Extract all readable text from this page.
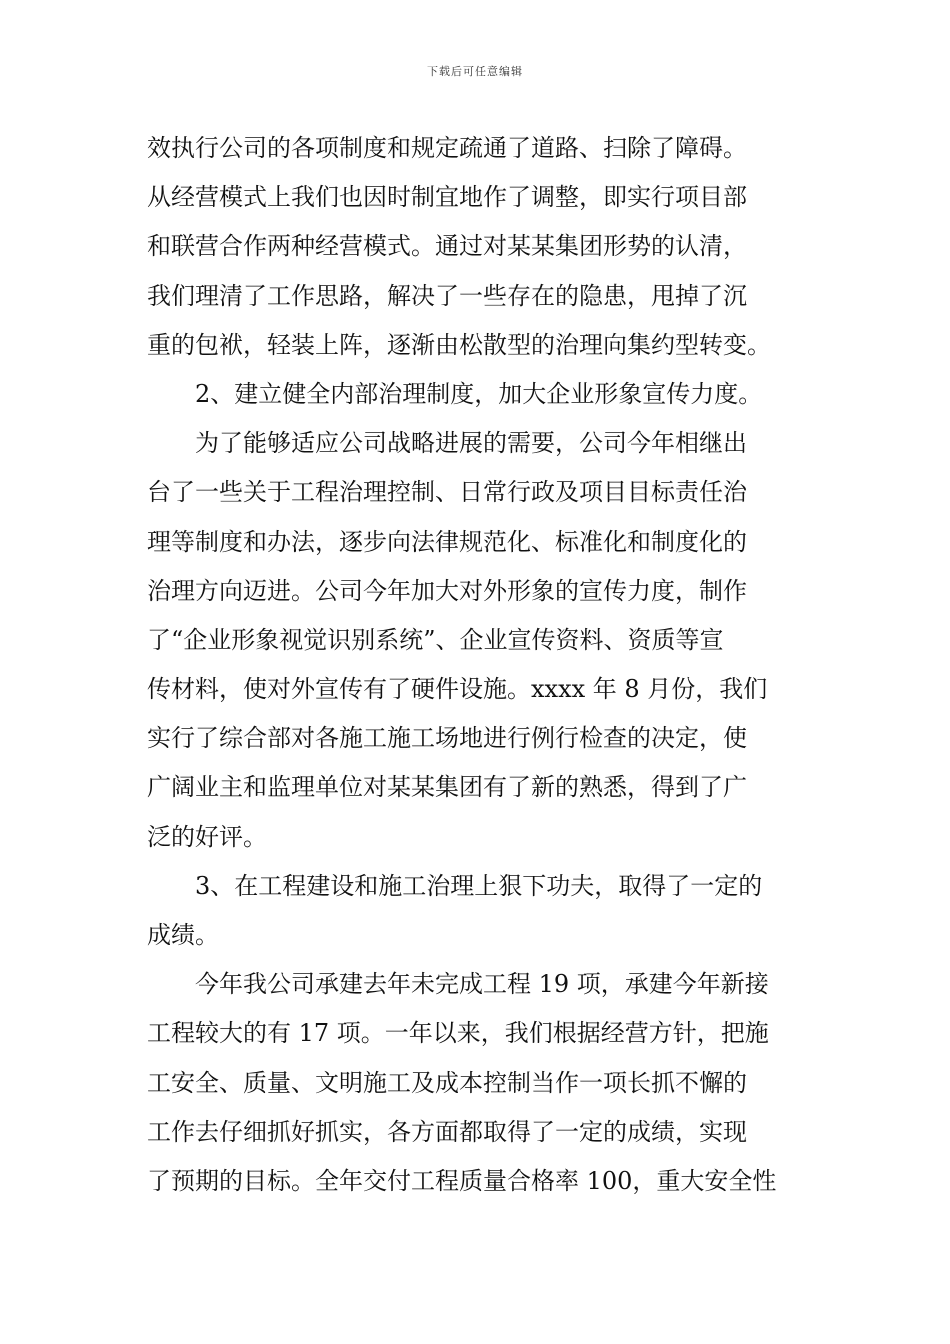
下载后可任意编辑
效执行公司的各项制度和规定疏通了道路、扫除了障碍。
从经营模式上我们也因时制宜地作了调整，即实行项目部
和联营合作两种经营模式。通过对某某集团形势的认清，
我们理清了工作思路，解决了一些存在的隐患，甩掉了沉
重的包袱，轻装上阵，逐渐由松散型的治理向集约型转变。
2、建立健全内部治理制度，加大企业形象宣传力度。
为了能够适应公司战略进展的需要，公司今年相继出
台了一些关于工程治理控制、日常行政及项目目标责任治
理等制度和办法，逐步向法律规范化、标准化和制度化的
治理方向迈进。公司今年加大对外形象的宣传力度，制作
了“企业形象视觉识别系统”、企业宣传资料、资质等宣
传材料，使对外宣传有了硬件设施。xxxx 年 8 月份，我们
实行了综合部对各施工施工场地进行例行检查的决定，使
广阔业主和监理单位对某某集团有了新的熟悉，得到了广
泛的好评。
3、在工程建设和施工治理上狠下功夫，取得了一定的
成绩。
今年我公司承建去年未完成工程 19 项，承建今年新接
工程较大的有 17 项。一年以来，我们根据经营方针，把施
工安全、质量、文明施工及成本控制当作一项长抓不懈的
工作去仔细抓好抓实，各方面都取得了一定的成绩，实现
了预期的目标。全年交付工程质量合格率 100，重大安全性
